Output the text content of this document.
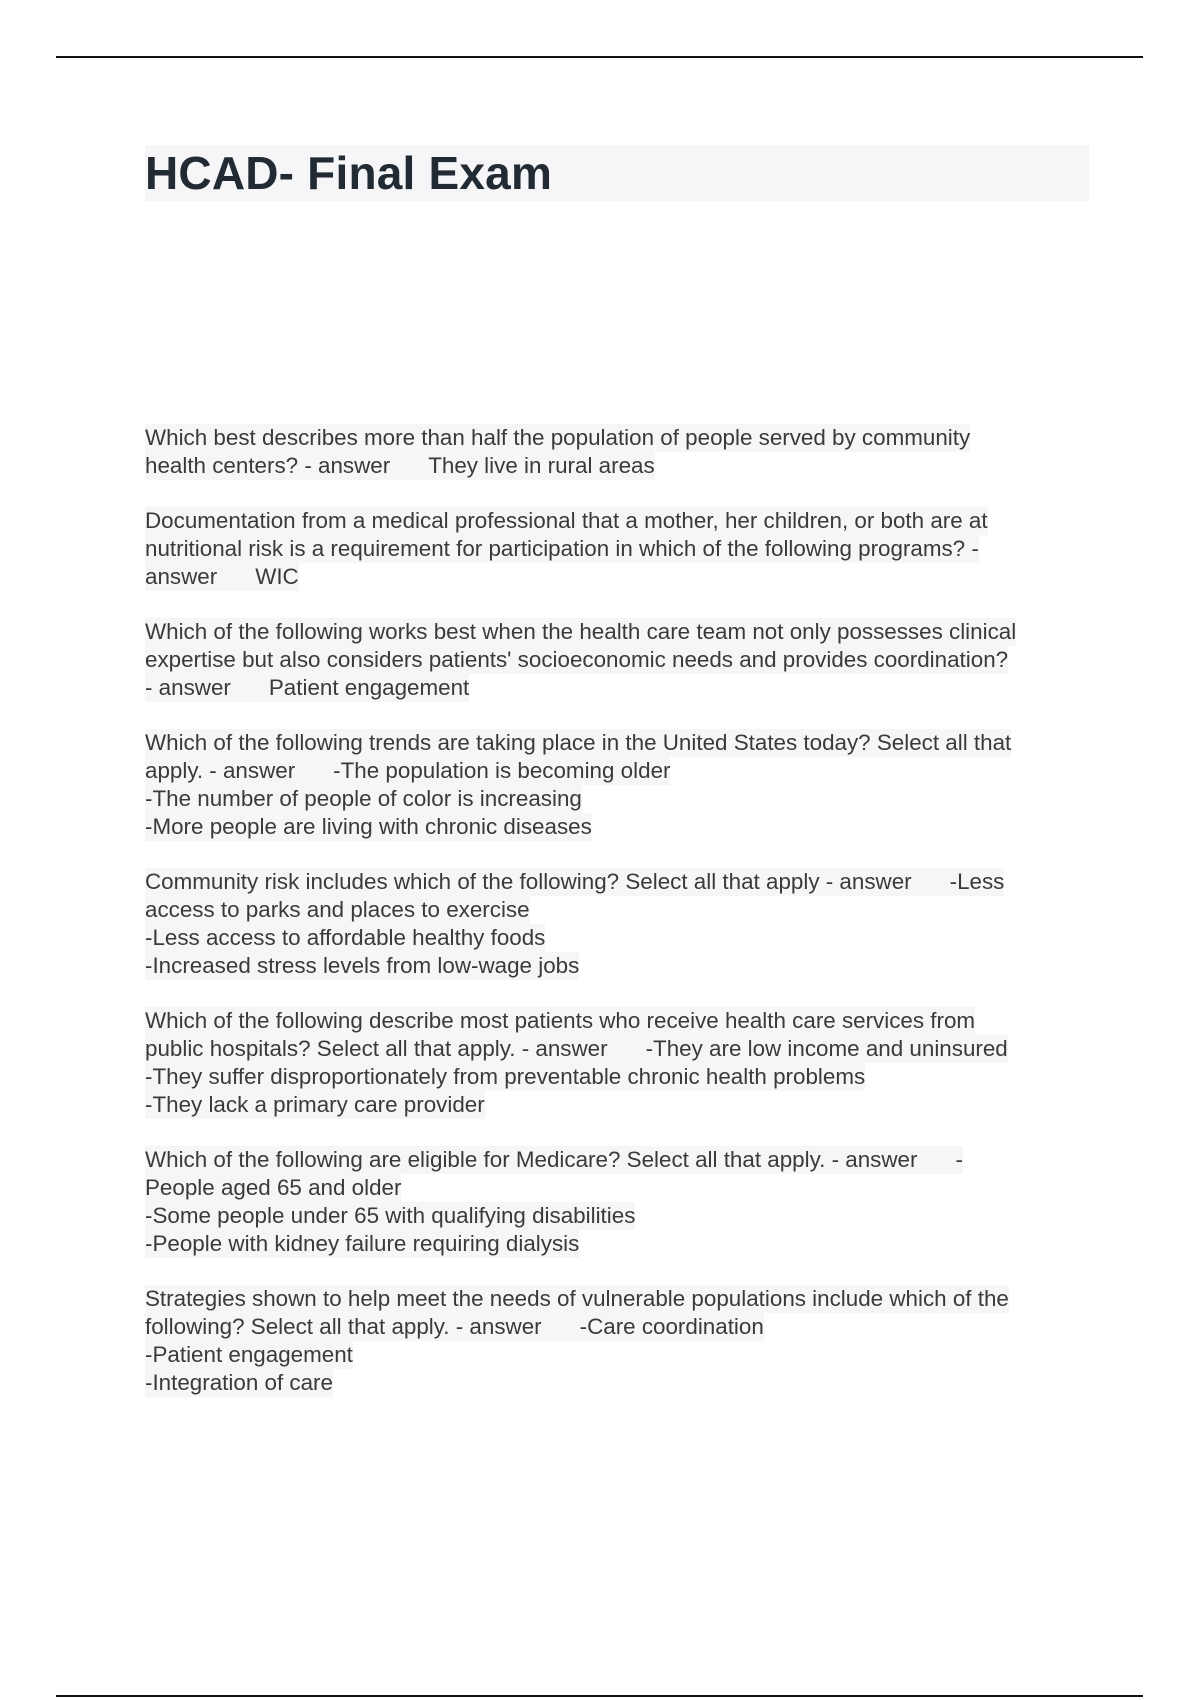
HCAD- Final Exam
Which best describes more than half the population of people served by community
health centers? - answer They live in rural areas
Documentation from a medical professional that a mother, her children, or both are at
nutritional risk is a requirement for participation in which of the following programs? -
answer WIC
Which of the following works best when the health care team not only possesses clinical
expertise but also considers patients' socioeconomic needs and provides coordination?
- answer Patient engagement
Which of the following trends are taking place in the United States today? Select all that
apply. - answer -The population is becoming older
-The number of people of color is increasing
-More people are living with chronic diseases
Community risk includes which of the following? Select all that apply - answer -Less
access to parks and places to exercise
-Less access to affordable healthy foods
-Increased stress levels from low-wage jobs
Which of the following describe most patients who receive health care services from
public hospitals? Select all that apply. - answer -They are low income and uninsured
-They suffer disproportionately from preventable chronic health problems
-They lack a primary care provider
Which of the following are eligible for Medicare? Select all that apply. - answer -
People aged 65 and older
-Some people under 65 with qualifying disabilities
-People with kidney failure requiring dialysis
Strategies shown to help meet the needs of vulnerable populations include which of the
following? Select all that apply. - answer -Care coordination
-Patient engagement
-Integration of care
